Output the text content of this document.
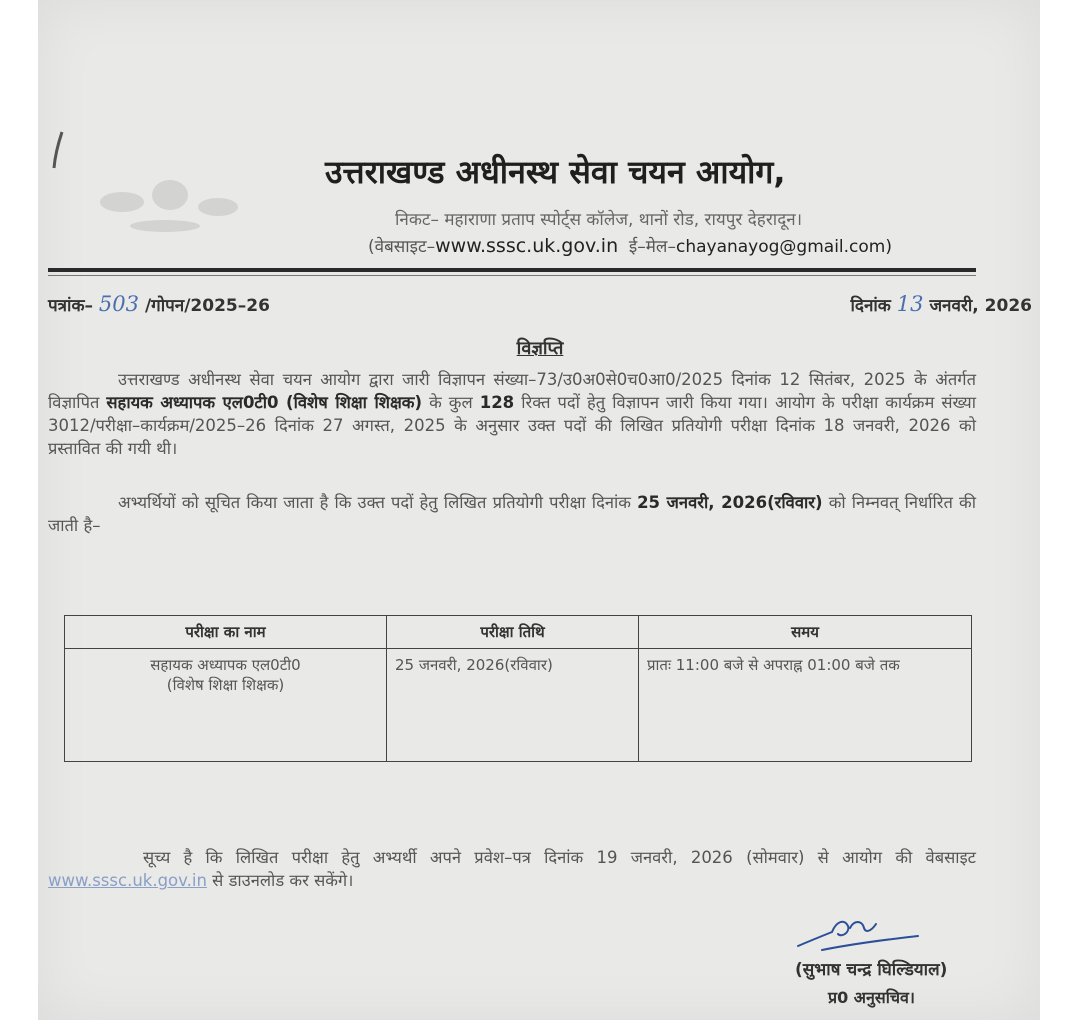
उत्तराखण्ड अधीनस्थ सेवा चयन आयोग,

निकट– महाराणा प्रताप स्पोर्ट्स कॉलेज, थानों रोड, रायपुर देहरादून।

(वेबसाइट–www.sssc.uk.gov.in ई–मेल–chayanayog@gmail.com)

पत्रांक– 503 /गोपन/2025–26	दिनांक 13 जनवरी, 2026

विज्ञप्ति

उत्तराखण्ड अधीनस्थ सेवा चयन आयोग द्वारा जारी विज्ञापन संख्या–73/उ0अ0से0च0आ0/2025 दिनांक 12 सितंबर, 2025 के अंतर्गत विज्ञापित सहायक अध्यापक एल0टी0 (विशेष शिक्षा शिक्षक) के कुल 128 रिक्त पदों हेतु विज्ञापन जारी किया गया। आयोग के परीक्षा कार्यक्रम संख्या 3012/परीक्षा–कार्यक्रम/2025–26 दिनांक 27 अगस्त, 2025 के अनुसार उक्त पदों की लिखित प्रतियोगी परीक्षा दिनांक 18 जनवरी, 2026 को प्रस्तावित की गयी थी।

अभ्यर्थियों को सूचित किया जाता है कि उक्त पदों हेतु लिखित प्रतियोगी परीक्षा दिनांक 25 जनवरी, 2026(रविवार) को निम्नवत् निर्धारित की जाती है–

परीक्षा का नाम	परीक्षा तिथि	समय

सहायक अध्यापक एल0टी0
(विशेष शिक्षा शिक्षक)	25 जनवरी, 2026(रविवार)	प्रातः 11:00 बजे से अपराह्न 01:00 बजे तक

सूच्य है कि लिखित परीक्षा हेतु अभ्यर्थी अपने प्रवेश–पत्र दिनांक 19 जनवरी, 2026 (सोमवार) से आयोग की वेबसाइट www.sssc.uk.gov.in से डाउनलोड कर सकेंगे।

(सुभाष चन्द्र घिल्डियाल)

प्र0 अनुसचिव।
